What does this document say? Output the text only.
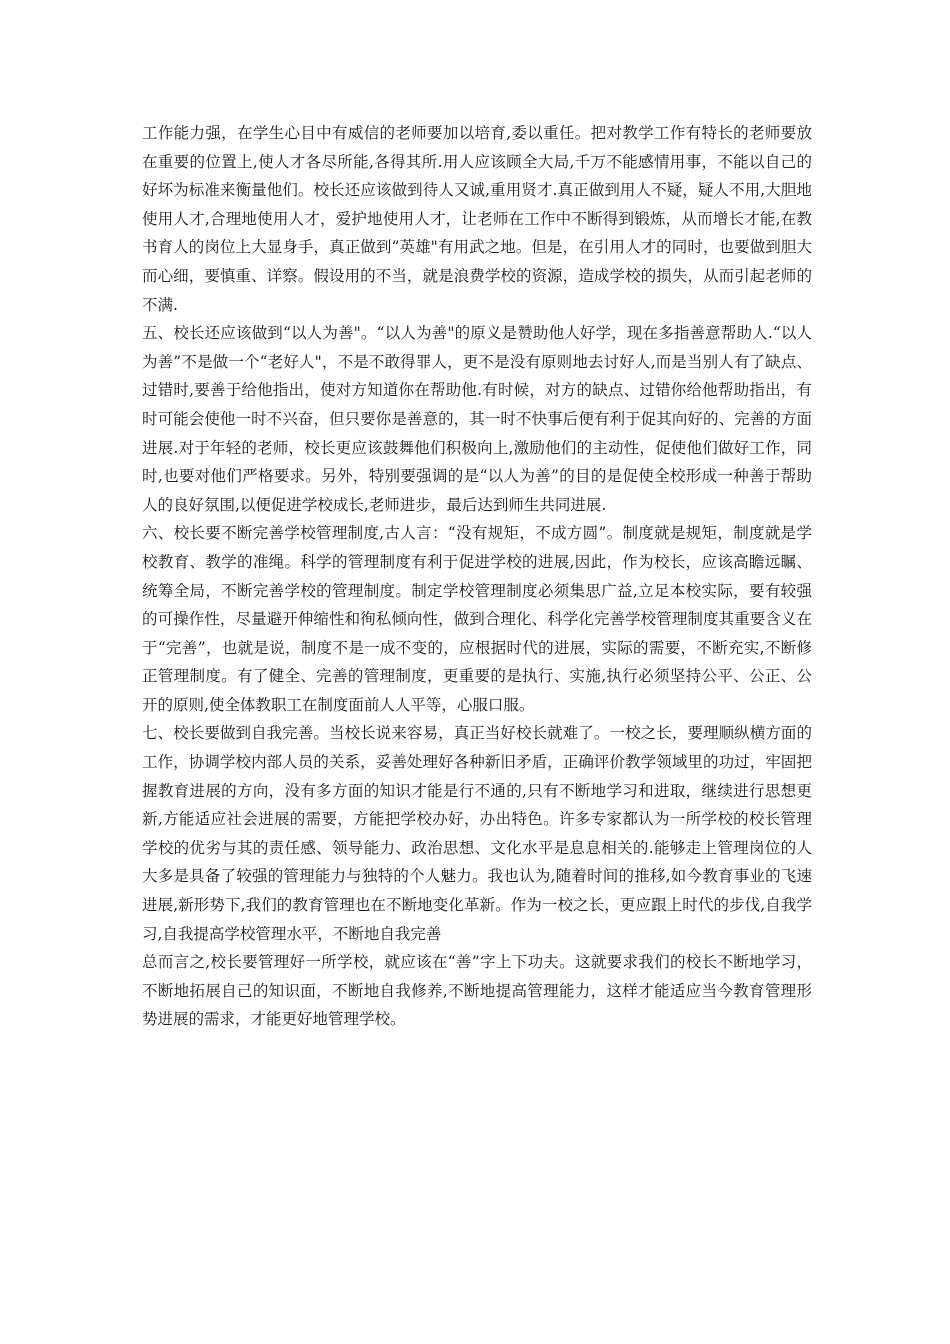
工作能力强，在学生心目中有威信的老师要加以培育,委以重任。把对教学工作有特长的老师要放在重要的位置上,使人才各尽所能,各得其所.用人应该顾全大局,千万不能感情用事，不能以自己的好坏为标准来衡量他们。校长还应该做到待人又诚,重用贤才.真正做到用人不疑，疑人不用,大胆地使用人才,合理地使用人才，爱护地使用人才，让老师在工作中不断得到锻炼，从而增长才能,在教书育人的岗位上大显身手，真正做到“英雄"有用武之地。但是，在引用人才的同时，也要做到胆大而心细，要慎重、详察。假设用的不当，就是浪费学校的资源，造成学校的损失，从而引起老师的不满.

五、校长还应该做到“以人为善"。“以人为善"的原义是赞助他人好学，现在多指善意帮助人.“以人为善”不是做一个“老好人"，不是不敢得罪人，更不是没有原则地去讨好人,而是当别人有了缺点、过错时,要善于给他指出，使对方知道你在帮助他.有时候，对方的缺点、过错你给他帮助指出，有时可能会使他一时不兴奋，但只要你是善意的，其一时不快事后便有利于促其向好的、完善的方面进展.对于年轻的老师，校长更应该鼓舞他们积极向上,激励他们的主动性，促使他们做好工作，同时,也要对他们严格要求。另外，特别要强调的是“以人为善”的目的是促使全校形成一种善于帮助人的良好氛围,以便促进学校成长,老师进步，最后达到师生共同进展.

六、校长要不断完善学校管理制度,古人言：“没有规矩，不成方圆”。制度就是规矩，制度就是学校教育、教学的准绳。科学的管理制度有利于促进学校的进展,因此，作为校长，应该高瞻远瞩、统筹全局，不断完善学校的管理制度。制定学校管理制度必须集思广益,立足本校实际，要有较强的可操作性，尽量避开伸缩性和徇私倾向性，做到合理化、科学化完善学校管理制度其重要含义在于“完善”，也就是说，制度不是一成不变的，应根据时代的进展，实际的需要，不断充实,不断修正管理制度。有了健全、完善的管理制度，更重要的是执行、实施,执行必须坚持公平、公正、公开的原则,使全体教职工在制度面前人人平等，心服口服。

七、校长要做到自我完善。当校长说来容易，真正当好校长就难了。一校之长，要理顺纵横方面的工作，协调学校内部人员的关系，妥善处理好各种新旧矛盾，正确评价教学领域里的功过，牢固把握教育进展的方向，没有多方面的知识才能是行不通的,只有不断地学习和进取，继续进行思想更新,方能适应社会进展的需要，方能把学校办好，办出特色。许多专家都认为一所学校的校长管理学校的优劣与其的责任感、领导能力、政治思想、文化水平是息息相关的.能够走上管理岗位的人大多是具备了较强的管理能力与独特的个人魅力。我也认为,随着时间的推移,如今教育事业的飞速进展,新形势下,我们的教育管理也在不断地变化革新。作为一校之长，更应跟上时代的步伐,自我学习,自我提高学校管理水平，不断地自我完善

总而言之,校长要管理好一所学校，就应该在“善”字上下功夫。这就要求我们的校长不断地学习，不断地拓展自己的知识面，不断地自我修养,不断地提高管理能力，这样才能适应当今教育管理形势进展的需求，才能更好地管理学校。
